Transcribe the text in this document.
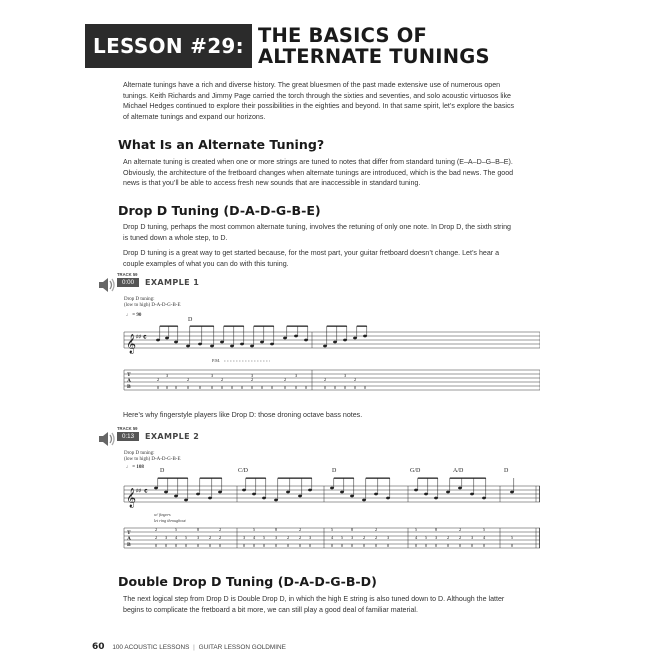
LESSON #29: THE BASICS OF
ALTERNATE TUNINGS
Alternate tunings have a rich and diverse history. The great bluesmen of the past made extensive use of numerous open
tunings. Keith Richards and Jimmy Page carried the torch through the sixties and seventies, and solo acoustic virtuosos like
Michael Hedges continued to explore their possibilities in the eighties and beyond. In that same spirit, let’s explore the basics
of alternate tunings and expand our horizons.
What Is an Alternate Tuning?
An alternate tuning is created when one or more strings are tuned to notes that differ from standard tuning (E–A–D–G–B–E).
Obviously, the architecture of the fretboard changes when alternate tunings are introduced, which is the bad news. The good
news is that you’ll be able to access fresh new sounds that are inaccessible in standard tuning.
Drop D Tuning (D-A-D-G-B-E)
Drop D tuning, perhaps the most common alternate tuning, involves the retuning of only one note. In Drop D, the sixth string
is tuned down a whole step, to D.
Drop D tuning is a great way to get started because, for the most part, your guitar fretboard doesn’t change. Let’s hear a
couple examples of what you can do with this tuning.
TRACK 59
0:00	EXAMPLE 1
Drop D tuning:
(low to high) D-A-D-G-B-E
♩ = 90
D
𝄞 ♯♯ 𝄴
P.M.
T
A
B	0
2
0
3
0 0
2
0 0
3
0
2
0 0 0
2
3
0 0 0
2
0
3
0	0
2
0 0
3
0
2
0
Here’s why fingerstyle players like Drop D: those droning octave bass notes.
TRACK 59
0:13	EXAMPLE 2
Drop D tuning:
(low to high) D-A-D-G-B-E
♩ = 108
D	C/D	D	G/D	A/D	D
𝄞 ♯♯ 𝄴
w/ fingers
let ring throughout
T
A
B	0
2
2
0
3
0
4
5
0
5
0
3
8
0
2
0
2
2
0
3
0
4
5
0
5
0
3
8
0
2
0
2
2
0
3
0
4
5
0
5
0
3
8
0
2
0
2
2
0
3
0
4
5
0
5
0
3
8
0
2
0
2
2
0
3
0
4
5
0
5
Double Drop D Tuning (D-A-D-G-B-D)
The next logical step from Drop D is Double Drop D, in which the high E string is also tuned down to D. Although the latter
begins to complicate the fretboard a bit more, we can still play a good deal of familiar material.
60 100 ACOUSTIC LESSONS | GUITAR LESSON GOLDMINE
